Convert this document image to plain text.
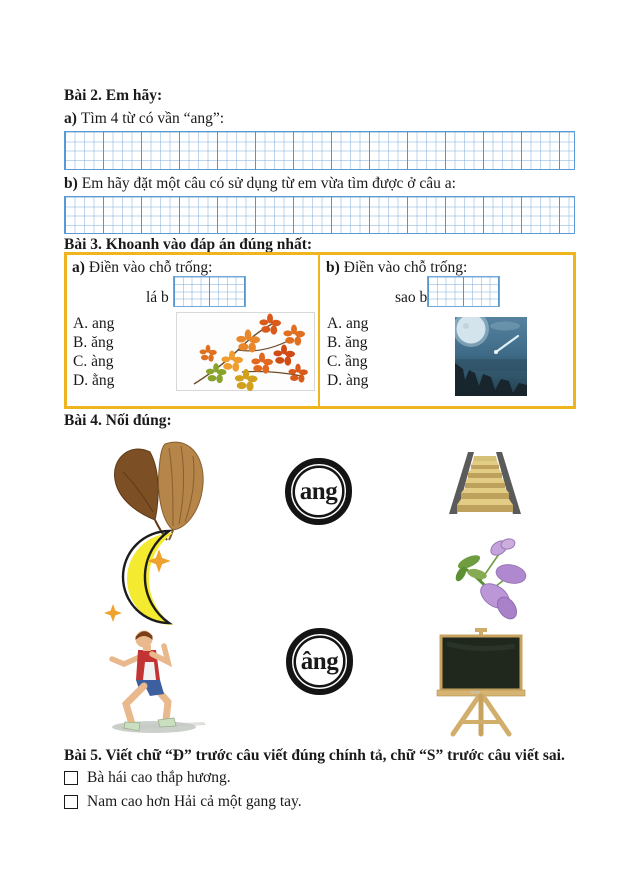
Bài 2. Em hãy:
a) Tìm 4 từ có vần “ang”:
b) Em hãy đặt một câu có sử dụng từ em vừa tìm được ở câu a:
Bài 3. Khoanh vào đáp án đúng nhất:
a) Điền vào chỗ trống:
lá b
A. ang
B. ăng
C. àng
D. ằng
b) Điền vào chỗ trống:
sao b
A. ang
B. ăng
C. ầng
D. àng
Bài 4. Nối đúng:
ang
âng
Bài 5. Viết chữ “Đ” trước câu viết đúng chính tả, chữ “S” trước câu viết sai.
Bà hái cao thắp hương.
Nam cao hơn Hải cả một gang tay.
